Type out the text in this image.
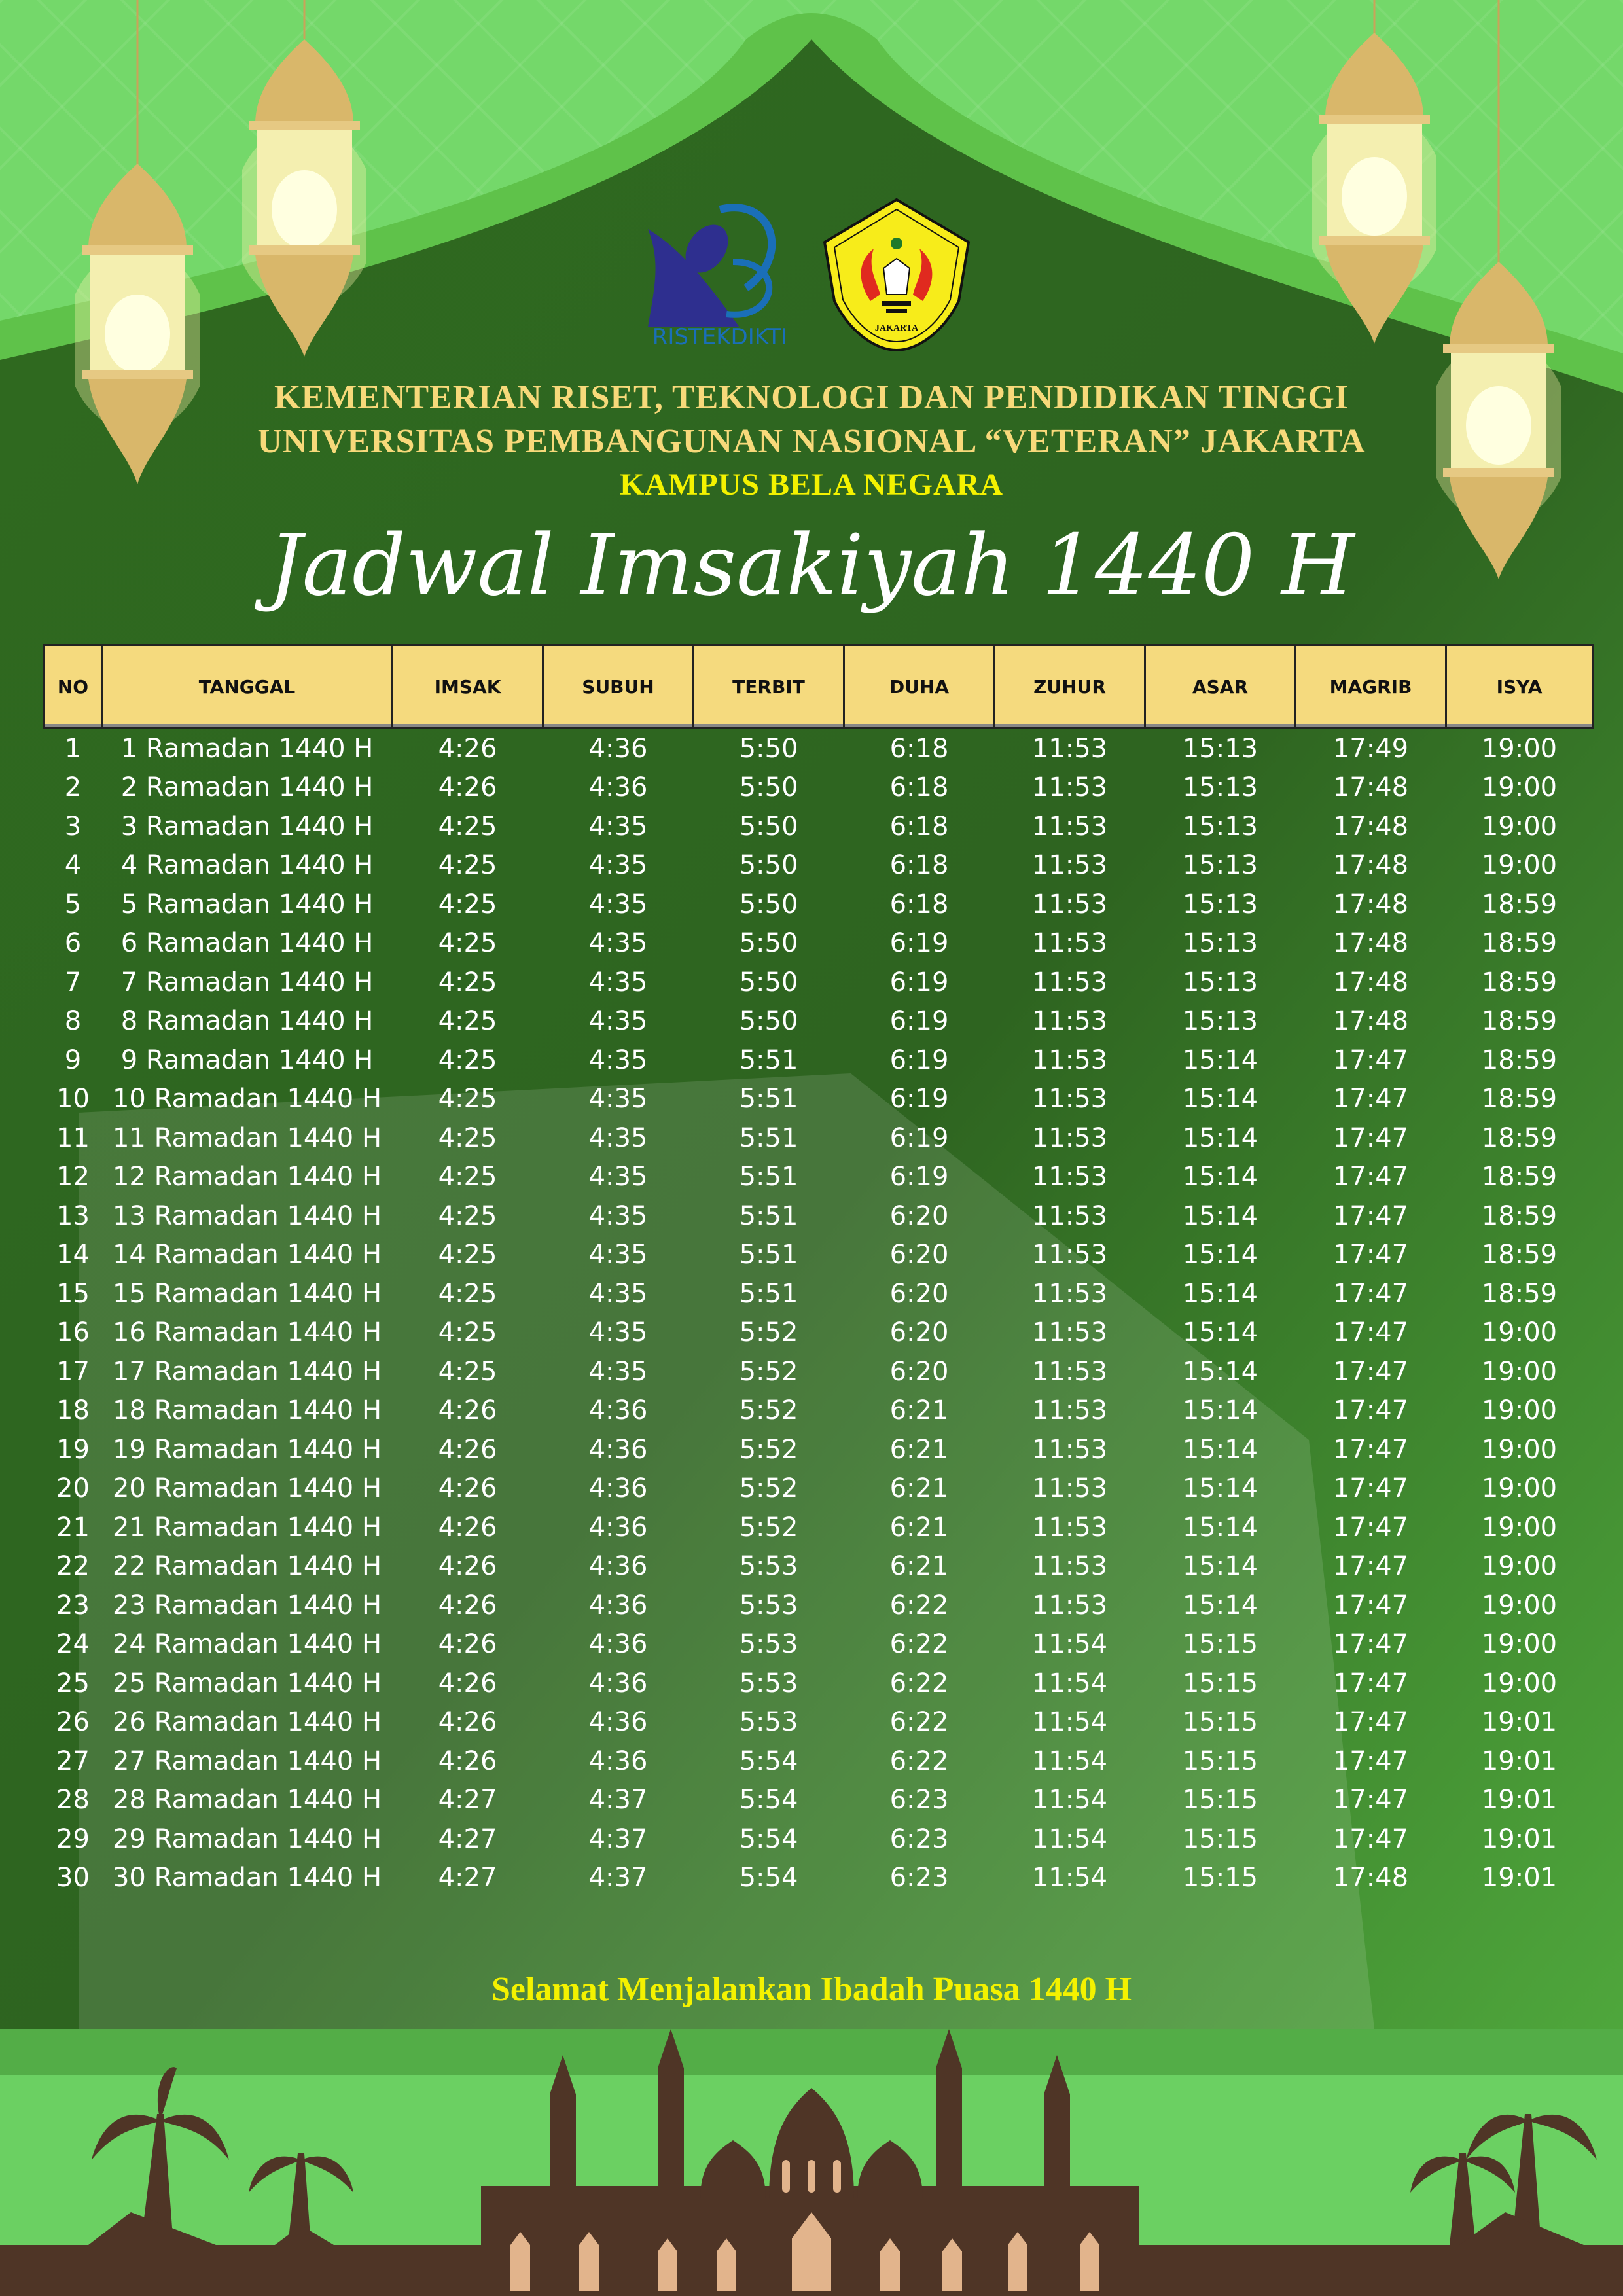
RISTEKDIKTI	JAKARTA
KEMENTERIAN RISET, TEKNOLOGI DAN PENDIDIKAN TINGGI
UNIVERSITAS PEMBANGUNAN NASIONAL “VETERAN” JAKARTA
KAMPUS BELA NEGARA
Jadwal Imsakiyah 1440 H
NO	TANGGAL	IMSAK	SUBUH	TERBIT	DUHA	ZUHUR	ASAR	MAGRIB	ISYA
1	1 Ramadan 1440 H	4:26	4:36	5:50	6:18	11:53	15:13	17:49	19:00
2	2 Ramadan 1440 H	4:26	4:36	5:50	6:18	11:53	15:13	17:48	19:00
3	3 Ramadan 1440 H	4:25	4:35	5:50	6:18	11:53	15:13	17:48	19:00
4	4 Ramadan 1440 H	4:25	4:35	5:50	6:18	11:53	15:13	17:48	19:00
5	5 Ramadan 1440 H	4:25	4:35	5:50	6:18	11:53	15:13	17:48	18:59
6	6 Ramadan 1440 H	4:25	4:35	5:50	6:19	11:53	15:13	17:48	18:59
7	7 Ramadan 1440 H	4:25	4:35	5:50	6:19	11:53	15:13	17:48	18:59
8	8 Ramadan 1440 H	4:25	4:35	5:50	6:19	11:53	15:13	17:48	18:59
9	9 Ramadan 1440 H	4:25	4:35	5:51	6:19	11:53	15:14	17:47	18:59
10	10 Ramadan 1440 H	4:25	4:35	5:51	6:19	11:53	15:14	17:47	18:59
11	11 Ramadan 1440 H	4:25	4:35	5:51	6:19	11:53	15:14	17:47	18:59
12	12 Ramadan 1440 H	4:25	4:35	5:51	6:19	11:53	15:14	17:47	18:59
13	13 Ramadan 1440 H	4:25	4:35	5:51	6:20	11:53	15:14	17:47	18:59
14	14 Ramadan 1440 H	4:25	4:35	5:51	6:20	11:53	15:14	17:47	18:59
15	15 Ramadan 1440 H	4:25	4:35	5:51	6:20	11:53	15:14	17:47	18:59
16	16 Ramadan 1440 H	4:25	4:35	5:52	6:20	11:53	15:14	17:47	19:00
17	17 Ramadan 1440 H	4:25	4:35	5:52	6:20	11:53	15:14	17:47	19:00
18	18 Ramadan 1440 H	4:26	4:36	5:52	6:21	11:53	15:14	17:47	19:00
19	19 Ramadan 1440 H	4:26	4:36	5:52	6:21	11:53	15:14	17:47	19:00
20	20 Ramadan 1440 H	4:26	4:36	5:52	6:21	11:53	15:14	17:47	19:00
21	21 Ramadan 1440 H	4:26	4:36	5:52	6:21	11:53	15:14	17:47	19:00
22	22 Ramadan 1440 H	4:26	4:36	5:53	6:21	11:53	15:14	17:47	19:00
23	23 Ramadan 1440 H	4:26	4:36	5:53	6:22	11:53	15:14	17:47	19:00
24	24 Ramadan 1440 H	4:26	4:36	5:53	6:22	11:54	15:15	17:47	19:00
25	25 Ramadan 1440 H	4:26	4:36	5:53	6:22	11:54	15:15	17:47	19:00
26	26 Ramadan 1440 H	4:26	4:36	5:53	6:22	11:54	15:15	17:47	19:01
27	27 Ramadan 1440 H	4:26	4:36	5:54	6:22	11:54	15:15	17:47	19:01
28	28 Ramadan 1440 H	4:27	4:37	5:54	6:23	11:54	15:15	17:47	19:01
29	29 Ramadan 1440 H	4:27	4:37	5:54	6:23	11:54	15:15	17:47	19:01
30	30 Ramadan 1440 H	4:27	4:37	5:54	6:23	11:54	15:15	17:48	19:01
Selamat Menjalankan Ibadah Puasa 1440 H
